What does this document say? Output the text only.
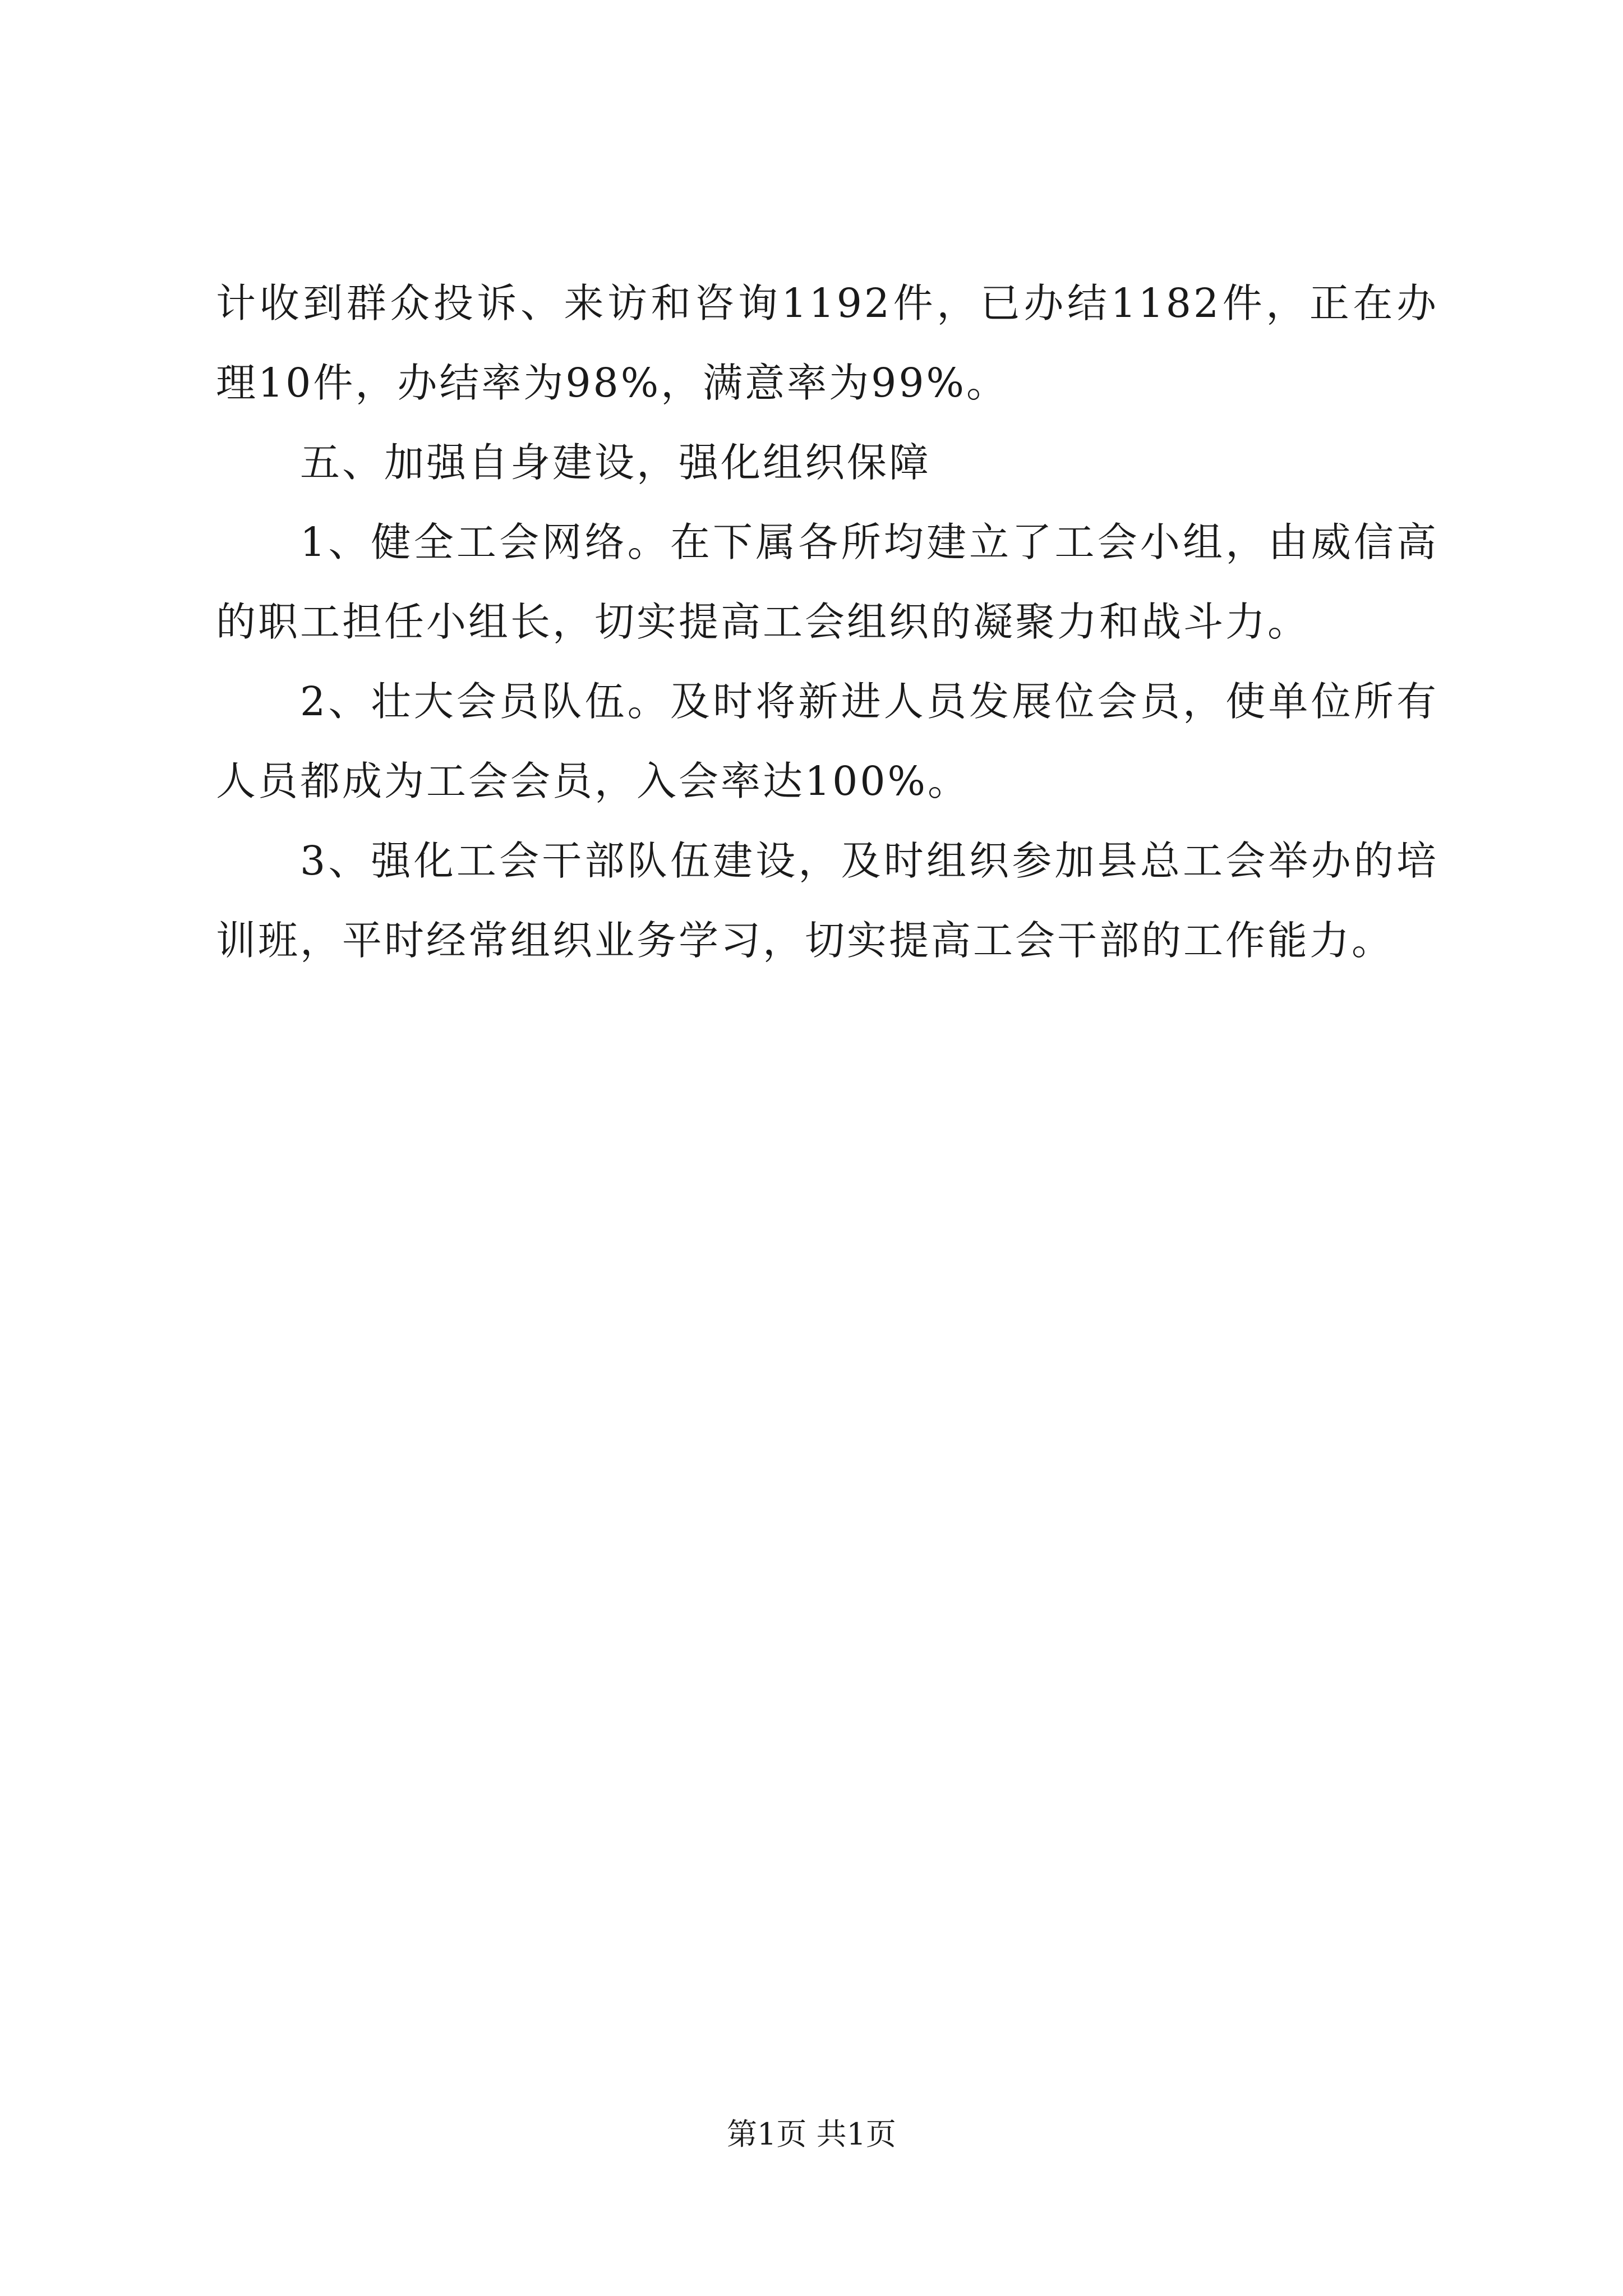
计收到群众投诉、来访和咨询1192件，已办结1182件，正在办理10件，办结率为98%，满意率为99%。

五、加强自身建设，强化组织保障

1、健全工会网络。在下属各所均建立了工会小组，由威信高的职工担任小组长，切实提高工会组织的凝聚力和战斗力。

2、壮大会员队伍。及时将新进人员发展位会员，使单位所有人员都成为工会会员，入会率达100%。

3、强化工会干部队伍建设，及时组织参加县总工会举办的培训班，平时经常组织业务学习，切实提高工会干部的工作能力。

第1页 共1页
